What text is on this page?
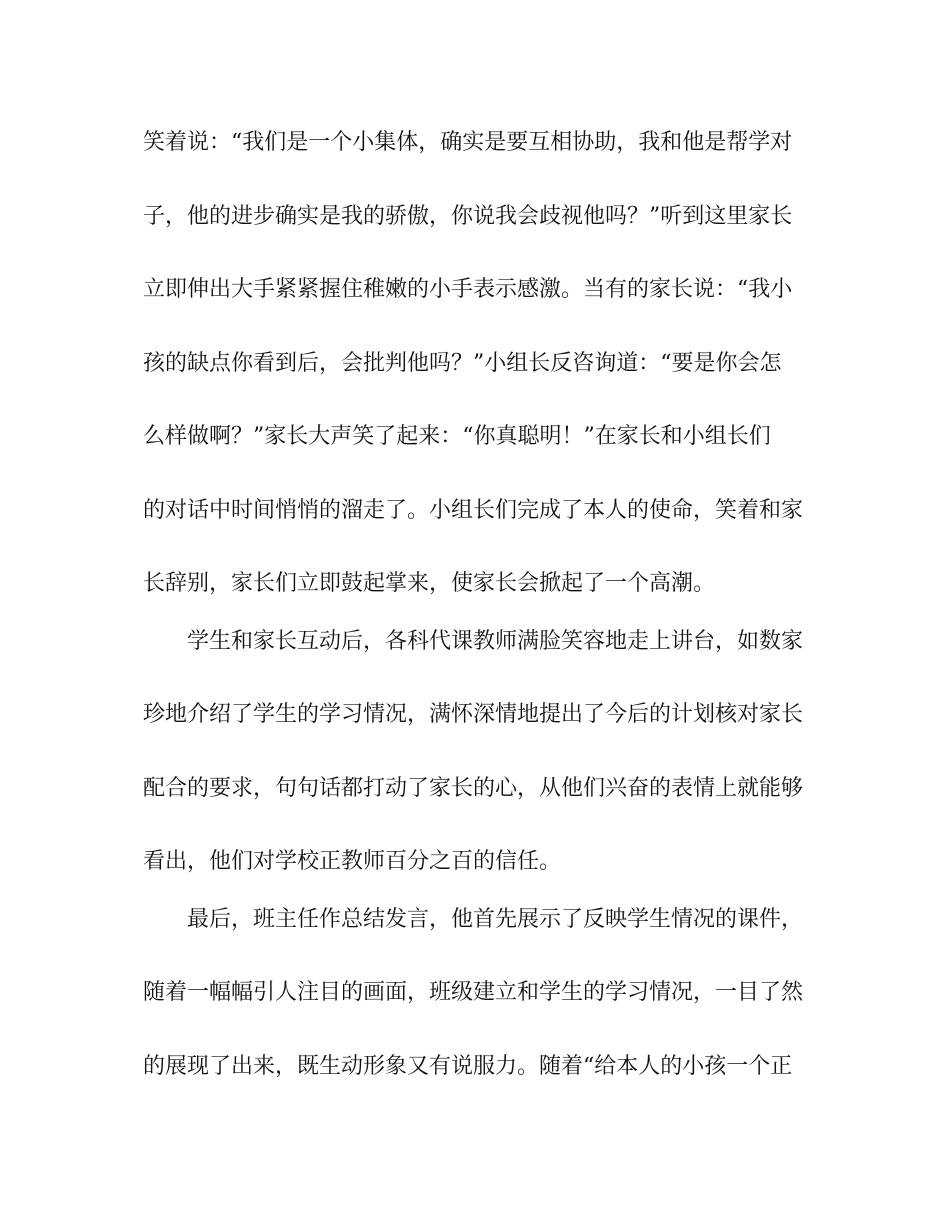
笑着说：“我们是一个小集体，确实是要互相协助，我和他是帮学对
子，他的进步确实是我的骄傲，你说我会歧视他吗？”听到这里家长
立即伸出大手紧紧握住稚嫩的小手表示感激。当有的家长说：“我小
孩的缺点你看到后，会批判他吗？”小组长反咨询道：“要是你会怎
么样做啊？”家长大声笑了起来：“你真聪明！”在家长和小组长们
的对话中时间悄悄的溜走了。小组长们完成了本人的使命，笑着和家
长辞别，家长们立即鼓起掌来，使家长会掀起了一个高潮。
学生和家长互动后，各科代课教师满脸笑容地走上讲台，如数家
珍地介绍了学生的学习情况，满怀深情地提出了今后的计划核对家长
配合的要求，句句话都打动了家长的心，从他们兴奋的表情上就能够
看出，他们对学校正教师百分之百的信任。
最后，班主任作总结发言，他首先展示了反映学生情况的课件，
随着一幅幅引人注目的画面，班级建立和学生的学习情况，一目了然
的展现了出来，既生动形象又有说服力。随着“给本人的小孩一个正
